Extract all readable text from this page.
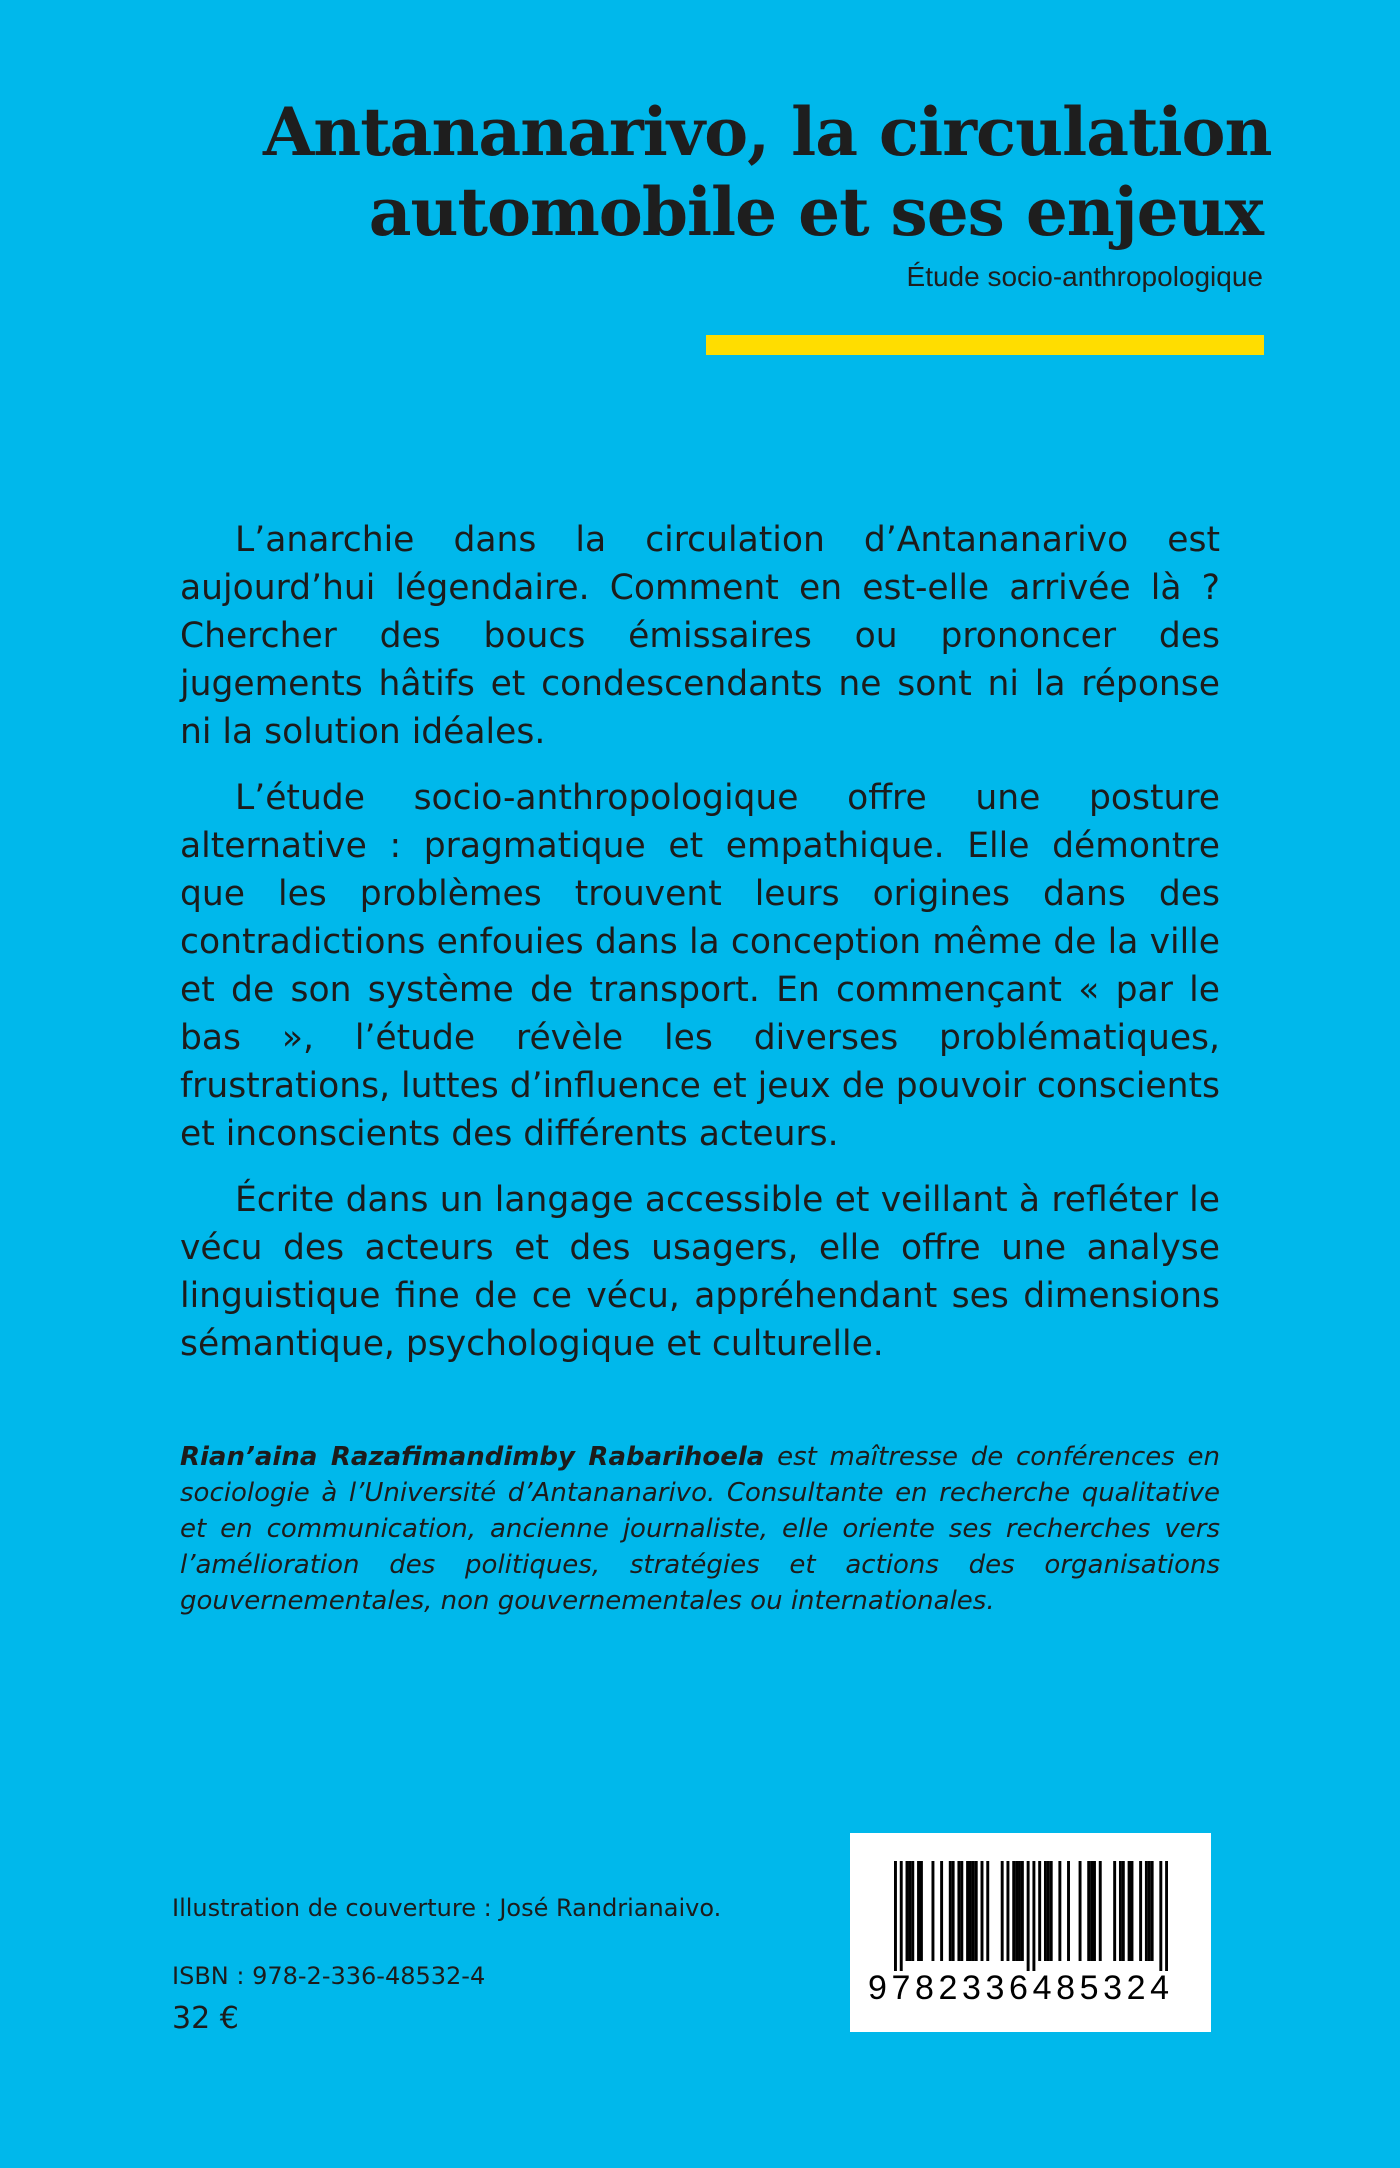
Antananarivo, la circulation
automobile et ses enjeux
Étude socio-anthropologique

L’anarchie dans la circulation d’Antananarivo est aujourd’hui légendaire. Comment en est-elle arrivée là ? Chercher des boucs émissaires ou prononcer des jugements hâtifs et condescendants ne sont ni la réponse ni la solution idéales.

L’étude socio-anthropologique offre une posture alternative : pragmatique et empathique. Elle démontre que les problèmes trouvent leurs origines dans des contradictions enfouies dans la conception même de la ville et de son système de transport. En commençant « par le bas », l’étude révèle les diverses problématiques, frustrations, luttes d’influence et jeux de pouvoir conscients et inconscients des différents acteurs.

Écrite dans un langage accessible et veillant à refléter le vécu des acteurs et des usagers, elle offre une analyse linguistique fine de ce vécu, appréhendant ses dimensions sémantique, psychologique et culturelle.

Rian’aina Razafimandimby Rabarihoela est maîtresse de conférences en sociologie à l’Université d’Antananarivo. Consultante en recherche qualitative et en communication, ancienne journaliste, elle oriente ses recherches vers l’amélioration des politiques, stratégies et actions des organisations gouvernementales, non gouvernementales ou internationales.
Illustration de couverture : José Randrianaivo.
ISBN : 978-2-336-48532-4
32 €
9782336485324
